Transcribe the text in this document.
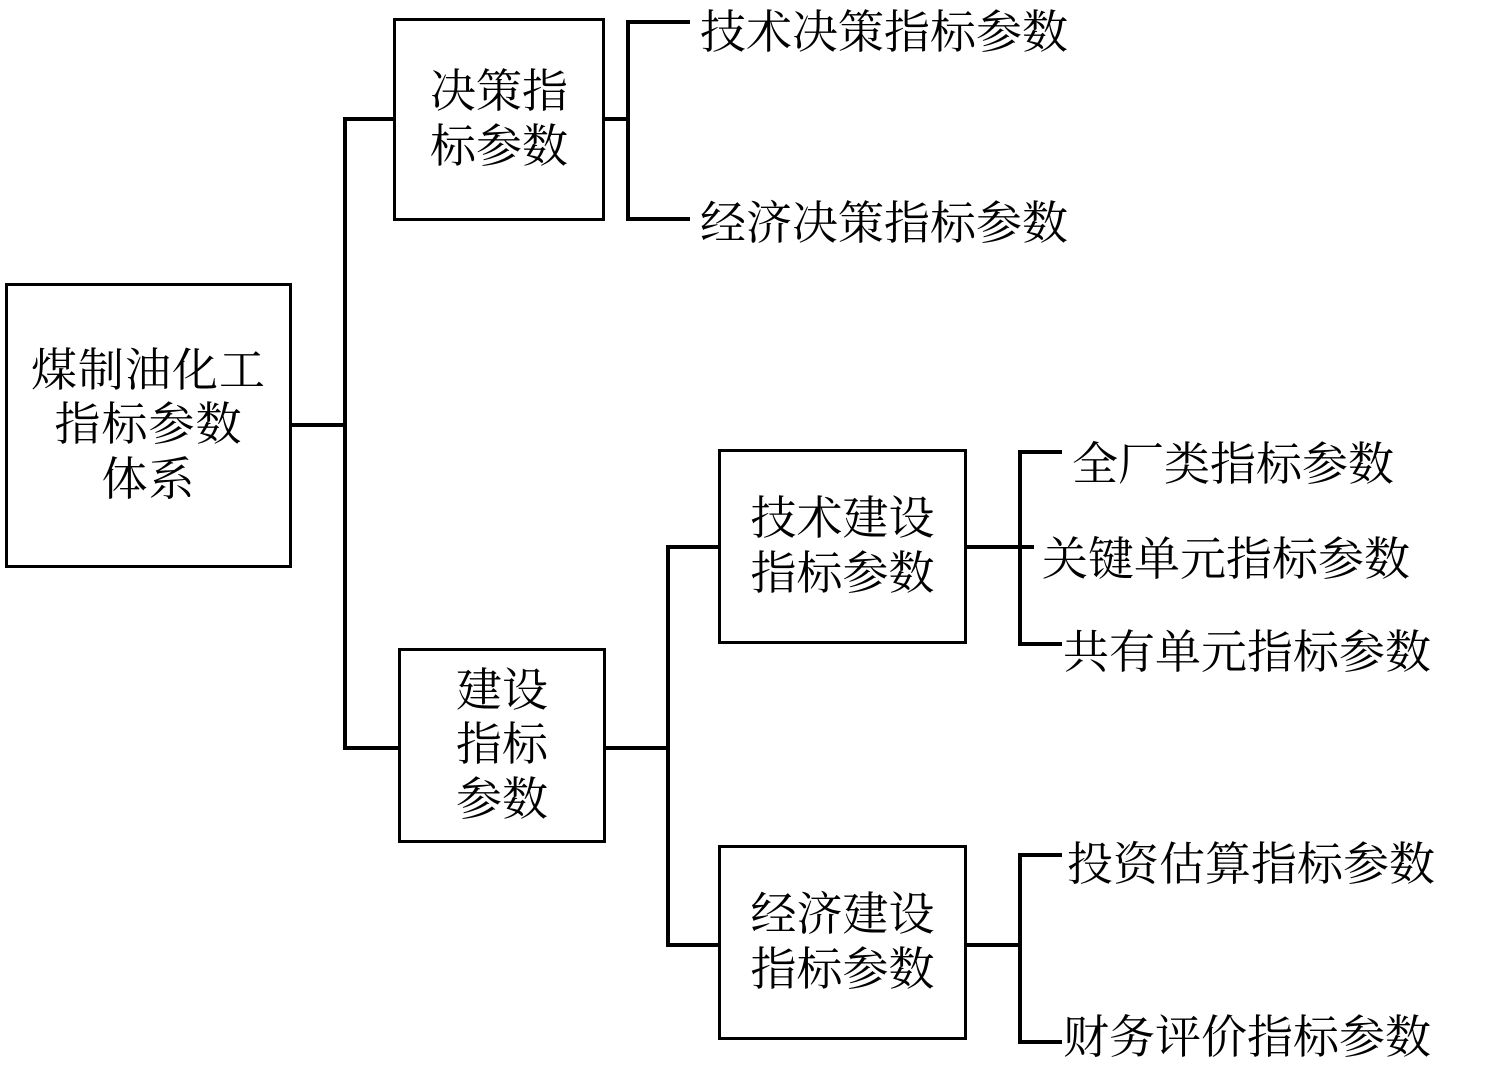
煤制油化工
指标参数
体系
决策指
标参数
建设
指标
参数
技术建设
指标参数
经济建设
指标参数
技术决策指标参数
经济决策指标参数
全厂类指标参数
关键单元指标参数
共有单元指标参数
投资估算指标参数
财务评价指标参数
